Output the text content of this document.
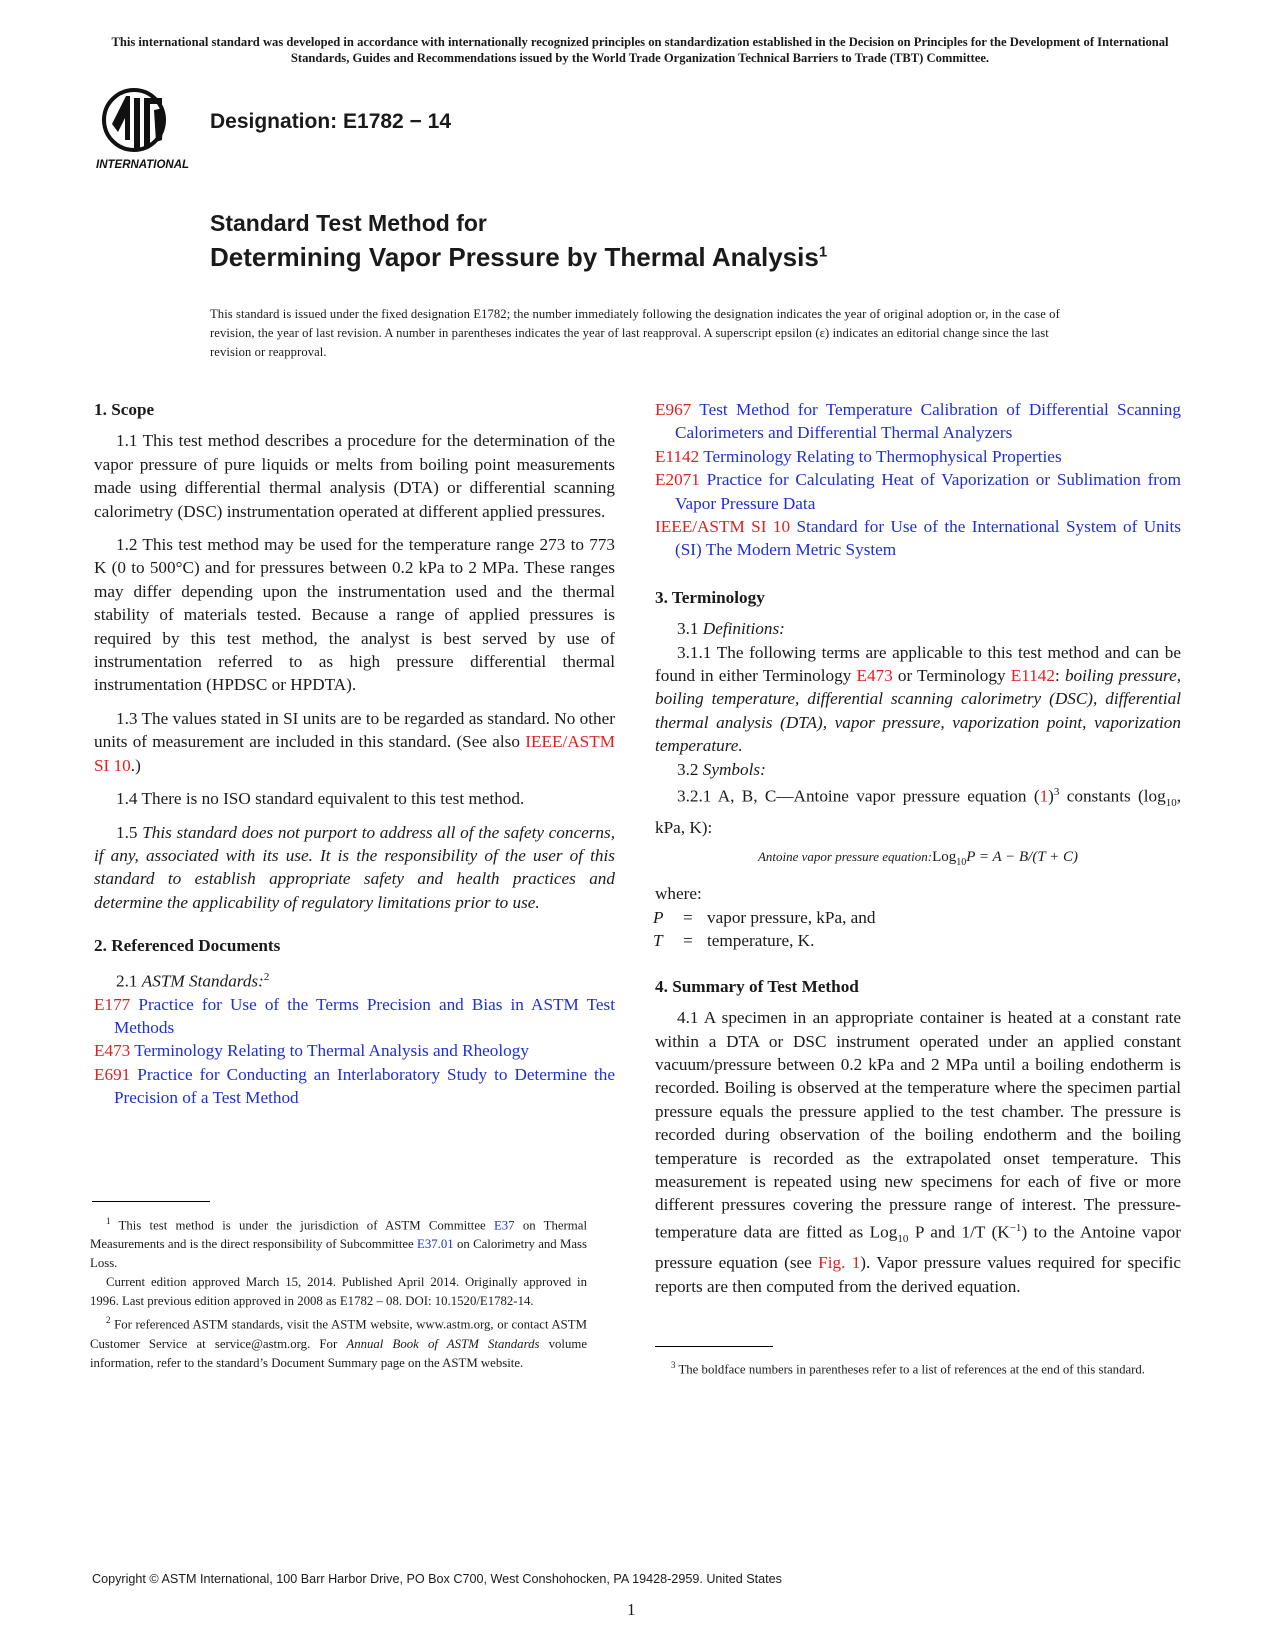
This international standard was developed in accordance with internationally recognized principles on standardization established in the Decision on Principles for the Development of International Standards, Guides and Recommendations issued by the World Trade Organization Technical Barriers to Trade (TBT) Committee.
INTERNATIONAL
Designation: E1782 − 14
Standard Test Method for
Determining Vapor Pressure by Thermal Analysis$^1$
This standard is issued under the fixed designation E1782; the number immediately following the designation indicates the year of original adoption or, in the case of revision, the year of last revision. A number in parentheses indicates the year of last reapproval. A superscript epsilon (ε) indicates an editorial change since the last revision or reapproval.
1. Scope

1.1 This test method describes a procedure for the determination of the vapor pressure of pure liquids or melts from boiling point measurements made using differential thermal analysis (DTA) or differential scanning calorimetry (DSC) instrumentation operated at different applied pressures.

1.2 This test method may be used for the temperature range 273 to 773 K (0 to 500°C) and for pressures between 0.2 kPa to 2 MPa. These ranges may differ depending upon the instrumentation used and the thermal stability of materials tested. Because a range of applied pressures is required by this test method, the analyst is best served by use of instrumentation referred to as high pressure differential thermal instrumentation (HPDSC or HPDTA).

1.3 The values stated in SI units are to be regarded as standard. No other units of measurement are included in this standard. (See also IEEE/ASTM SI 10.)

1.4 There is no ISO standard equivalent to this test method.

1.5 This standard does not purport to address all of the safety concerns, if any, associated with its use. It is the responsibility of the user of this standard to establish appropriate safety and health practices and determine the applicability of regulatory limitations prior to use.

2. Referenced Documents

2.1 ASTM Standards:$^2$

E177 Practice for Use of the Terms Precision and Bias in ASTM Test Methods

E473 Terminology Relating to Thermal Analysis and Rheology

E691 Practice for Conducting an Interlaboratory Study to Determine the Precision of a Test Method

E967 Test Method for Temperature Calibration of Differential Scanning Calorimeters and Differential Thermal Analyzers

E1142 Terminology Relating to Thermophysical Properties

E2071 Practice for Calculating Heat of Vaporization or Sublimation from Vapor Pressure Data

IEEE/ASTM SI 10 Standard for Use of the International System of Units (SI) The Modern Metric System

3. Terminology

3.1 Definitions:

3.1.1 The following terms are applicable to this test method and can be found in either Terminology E473 or Terminology E1142: boiling pressure, boiling temperature, differential scanning calorimetry (DSC), differential thermal analysis (DTA), vapor pressure, vaporization point, vaporization temperature.

3.2 Symbols:

3.2.1 A, B, C—Antoine vapor pressure equation $(1)^3$ constants ($\log_{10}$, kPa, K):

Antoine vapor pressure equation:Log$_{10}$P = A − B/(T + C)

where:

P	=	vapor pressure, kPa, and
T	=	temperature, K.
4. Summary of Test Method

4.1 A specimen in an appropriate container is heated at a constant rate within a DTA or DSC instrument operated under an applied constant vacuum/pressure between 0.2 kPa and 2 MPa until a boiling endotherm is recorded. Boiling is observed at the temperature where the specimen partial pressure equals the pressure applied to the test chamber. The pressure is recorded during observation of the boiling endotherm and the boiling temperature is recorded as the extrapolated onset temperature. This measurement is repeated using new specimens for each of five or more different pressures covering the pressure range of interest. The pressure-temperature data are fitted as Log$_{10}$ P and 1/T $(K^{-1})$ to the Antoine vapor pressure equation (see Fig. 1). Vapor pressure values required for specific reports are then computed from the derived equation.

$^1$ This test method is under the jurisdiction of ASTM Committee E37 on Thermal Measurements and is the direct responsibility of Subcommittee E37.01 on Calorimetry and Mass Loss.

Current edition approved March 15, 2014. Published April 2014. Originally approved in 1996. Last previous edition approved in 2008 as E1782 – 08. DOI: 10.1520/E1782-14.

$^2$ For referenced ASTM standards, visit the ASTM website, www.astm.org, or contact ASTM Customer Service at service@astm.org. For Annual Book of ASTM Standards volume information, refer to the standard’s Document Summary page on the ASTM website.	$^3$ The boldface numbers in parentheses refer to a list of references at the end of this standard.

Copyright © ASTM International, 100 Barr Harbor Drive, PO Box C700, West Conshohocken, PA 19428-2959. United States
1
